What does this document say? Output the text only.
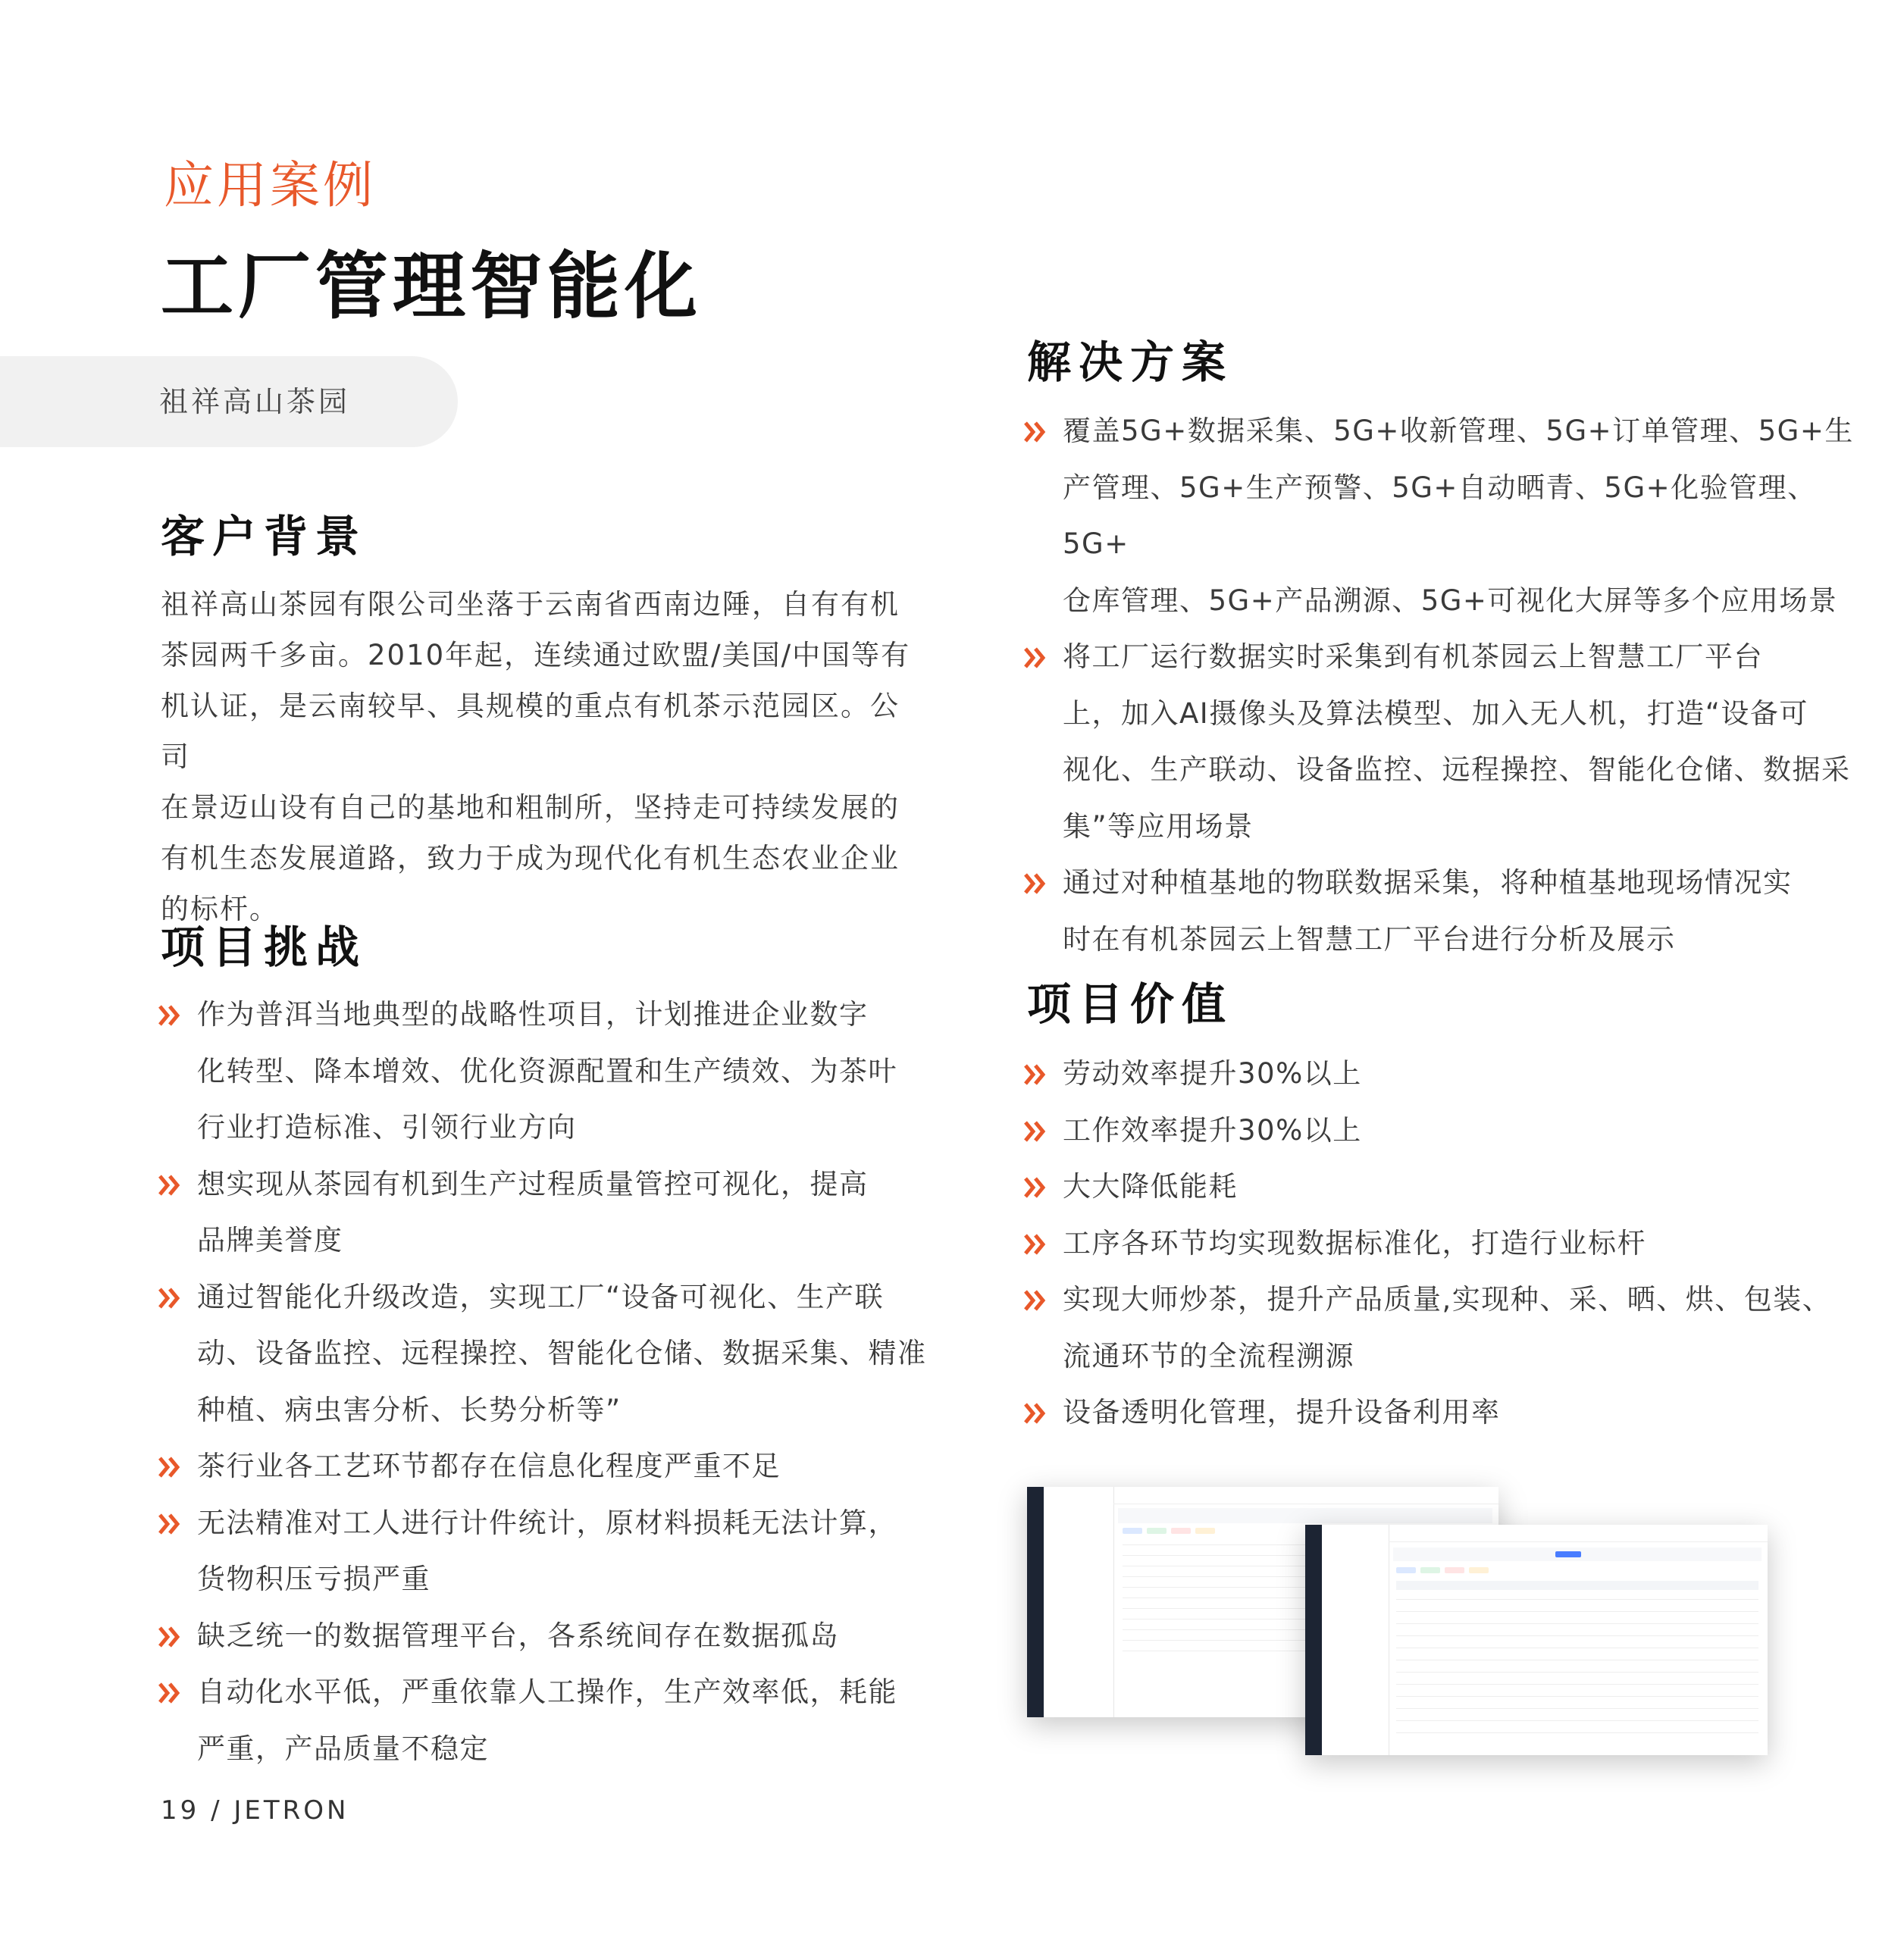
应用案例
工厂管理智能化
祖祥高山茶园
客户背景
祖祥高山茶园有限公司坐落于云南省西南边陲，自有有机
茶园两千多亩。2010年起，连续通过欧盟/美国/中国等有
机认证，是云南较早、具规模的重点有机茶示范园区。公司
在景迈山设有自己的基地和粗制所，坚持走可持续发展的
有机生态发展道路，致力于成为现代化有机生态农业企业
的标杆。
项目挑战
作为普洱当地典型的战略性项目，计划推进企业数字
化转型、降本增效、优化资源配置和生产绩效、为茶叶
行业打造标准、引领行业方向
想实现从茶园有机到生产过程质量管控可视化，提高
品牌美誉度
通过智能化升级改造，实现工厂“设备可视化、生产联
动、设备监控、远程操控、智能化仓储、数据采集、精准
种植、病虫害分析、长势分析等”
茶行业各工艺环节都存在信息化程度严重不足
无法精准对工人进行计件统计，原材料损耗无法计算，
货物积压亏损严重
缺乏统一的数据管理平台，各系统间存在数据孤岛
自动化水平低，严重依靠人工操作，生产效率低，耗能
严重，产品质量不稳定
解决方案
覆盖5G+数据采集、5G+收新管理、5G+订单管理、5G+生
产管理、5G+生产预警、5G+自动晒青、5G+化验管理、5G+
仓库管理、5G+产品溯源、5G+可视化大屏等多个应用场景
将工厂运行数据实时采集到有机茶园云上智慧工厂平台
上，加入AI摄像头及算法模型、加入无人机，打造“设备可
视化、生产联动、设备监控、远程操控、智能化仓储、数据采
集”等应用场景
通过对种植基地的物联数据采集，将种植基地现场情况实
时在有机茶园云上智慧工厂平台进行分析及展示
项目价值
劳动效率提升30%以上
工作效率提升30%以上
大大降低能耗
工序各环节均实现数据标准化，打造行业标杆
实现大师炒茶，提升产品质量,实现种、采、晒、烘、包装、
流通环节的全流程溯源
设备透明化管理，提升设备利用率
19 / JETRON
